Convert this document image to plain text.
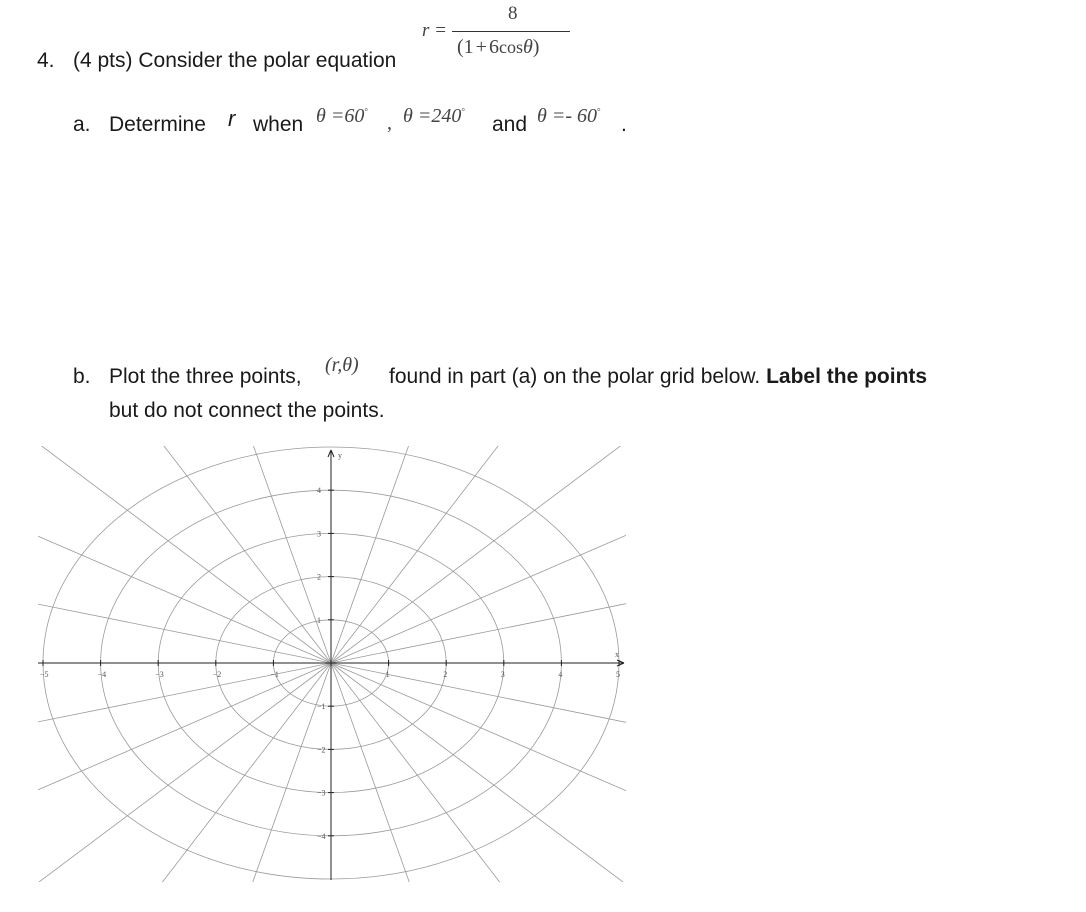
4. (4 pts) Consider the polar equation
r =
8
(1 + 6cosθ)
a. Determine r when θ =60°
, θ =240°
and θ =- 60°
.
b. Plot the three points, (r,θ) found in part (a) on the polar grid below. Label the points
but do not connect the points.
x
y
−5	−4	−3	−2	−1	1	2	3	4	5
4
3
2
1
−1
−2
−3
−4
